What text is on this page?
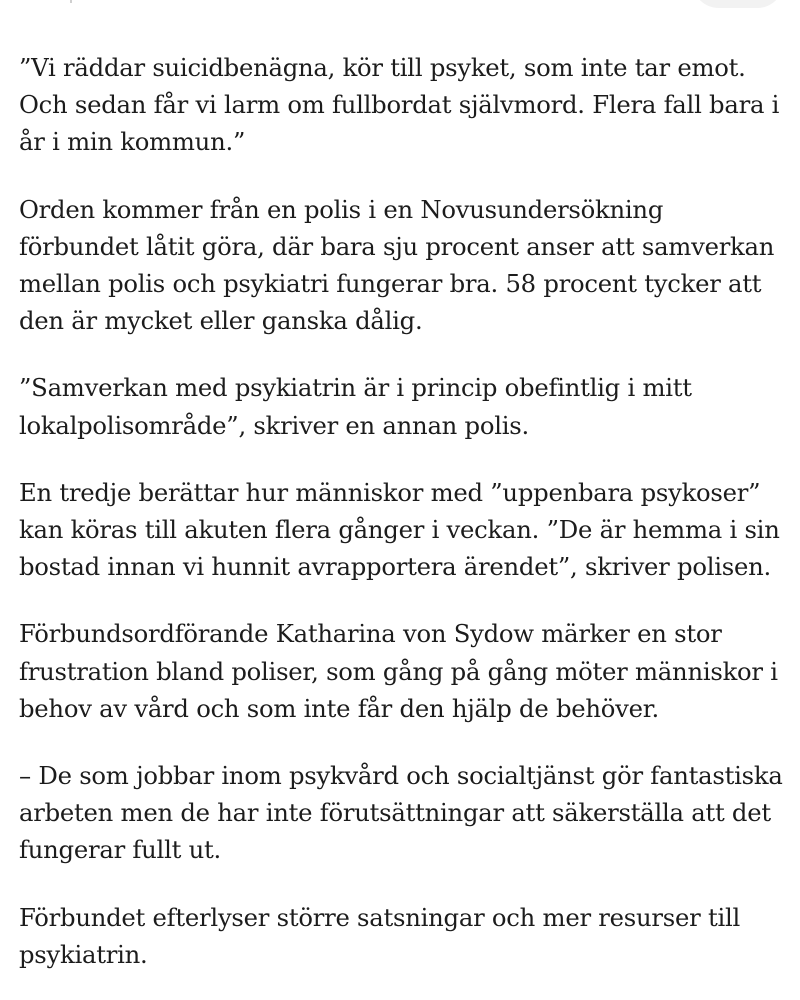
”Vi räddar suicidbenägna, kör till psyket, som inte tar emot. Och sedan får vi larm om fullbordat självmord. Flera fall bara i år i min kommun.”

Orden kommer från en polis i en Novusundersökning förbundet låtit göra, där bara sju procent anser att samverkan mellan polis och psykiatri fungerar bra. 58 procent tycker att den är mycket eller ganska dålig.

”Samverkan med psykiatrin är i princip obefintlig i mitt lokalpolisområde”, skriver en annan polis.

En tredje berättar hur människor med ”uppenbara psykoser” kan köras till akuten flera gånger i veckan. ”De är hemma i sin bostad innan vi hunnit avrapportera ärendet”, skriver polisen.

Förbundsordförande Katharina von Sydow märker en stor frustration bland poliser, som gång på gång möter människor i behov av vård och som inte får den hjälp de behöver.

– De som jobbar inom psykvård och socialtjänst gör fantastiska arbeten men de har inte förutsättningar att säkerställa att det fungerar fullt ut.

Förbundet efterlyser större satsningar och mer resurser till psykiatrin.
